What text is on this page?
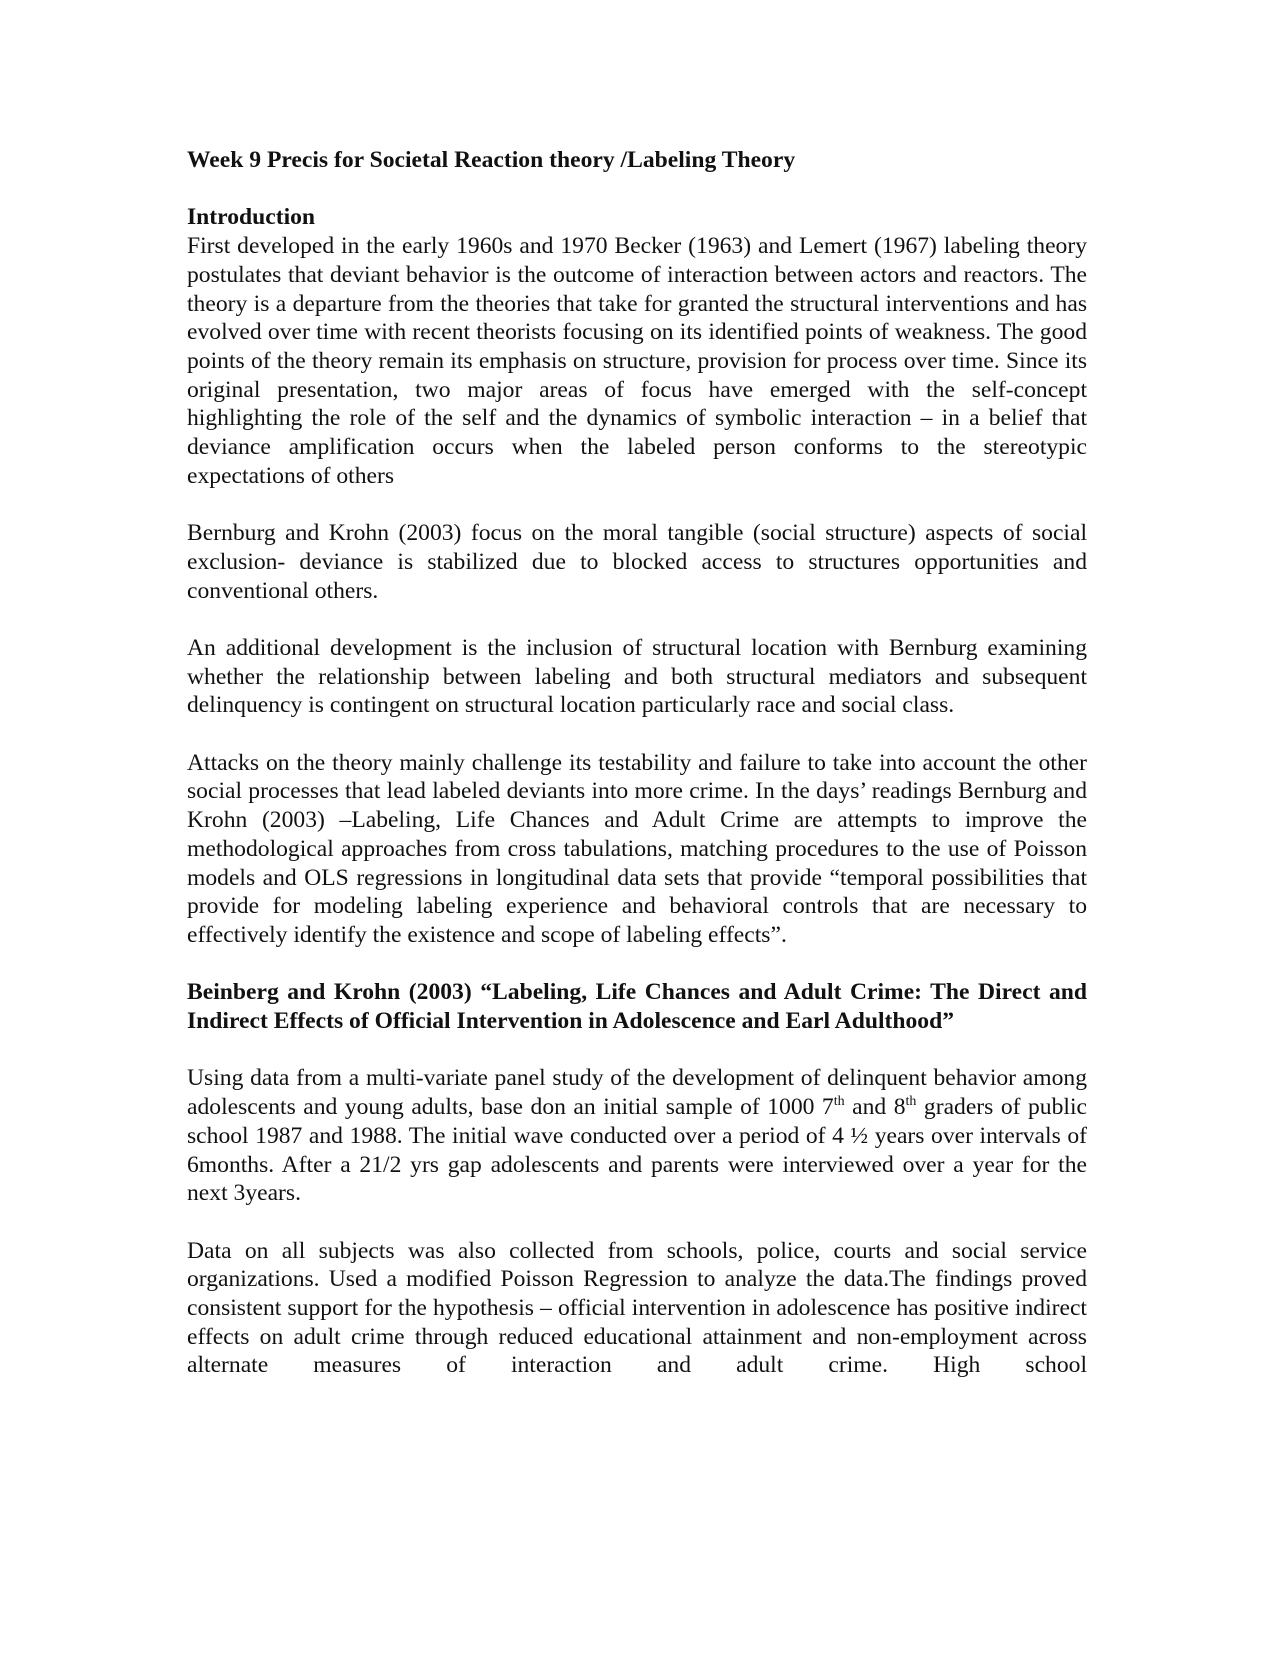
Week 9 Precis for Societal Reaction theory /Labeling Theory
Introduction

First developed in the early 1960s and 1970 Becker (1963) and Lemert (1967) labeling theory postulates that deviant behavior is the outcome of interaction between actors and reactors. The theory is a departure from the theories that take for granted the structural interventions and has evolved over time with recent theorists focusing on its identified points of weakness. The good points of the theory remain its emphasis on structure, provision for process over time. Since its original presentation, two major areas of focus have emerged with the self-concept highlighting the role of the self and the dynamics of symbolic interaction – in a belief that deviance amplification occurs when the labeled person conforms to the stereotypic expectations of others

Bernburg and Krohn (2003) focus on the moral tangible (social structure) aspects of social exclusion- deviance is stabilized due to blocked access to structures opportunities and conventional others.

An additional development is the inclusion of structural location with Bernburg examining whether the relationship between labeling and both structural mediators and subsequent delinquency is contingent on structural location particularly race and social class.

Attacks on the theory mainly challenge its testability and failure to take into account the other social processes that lead labeled deviants into more crime. In the days’ readings Bernburg and Krohn (2003) –Labeling, Life Chances and Adult Crime are attempts to improve the methodological approaches from cross tabulations, matching procedures to the use of Poisson models and OLS regressions in longitudinal data sets that provide “temporal possibilities that provide for modeling labeling experience and behavioral controls that are necessary to effectively identify the existence and scope of labeling effects”.

Beinberg and Krohn (2003) “Labeling, Life Chances and Adult Crime: The Direct and Indirect Effects of Official Intervention in Adolescence and Earl Adulthood”

Using data from a multi-variate panel study of the development of delinquent behavior among adolescents and young adults, base don an initial sample of 1000 7th and 8th graders of public school 1987 and 1988. The initial wave conducted over a period of 4 ½ years over intervals of 6months. After a 21/2 yrs gap adolescents and parents were interviewed over a year for the next 3years.

Data on all subjects was also collected from schools, police, courts and social service organizations. Used a modified Poisson Regression to analyze the data.The findings proved consistent support for the hypothesis – official intervention in adolescence has positive indirect effects on adult crime through reduced educational attainment and non-employment across alternate measures of interaction and adult crime. High school
